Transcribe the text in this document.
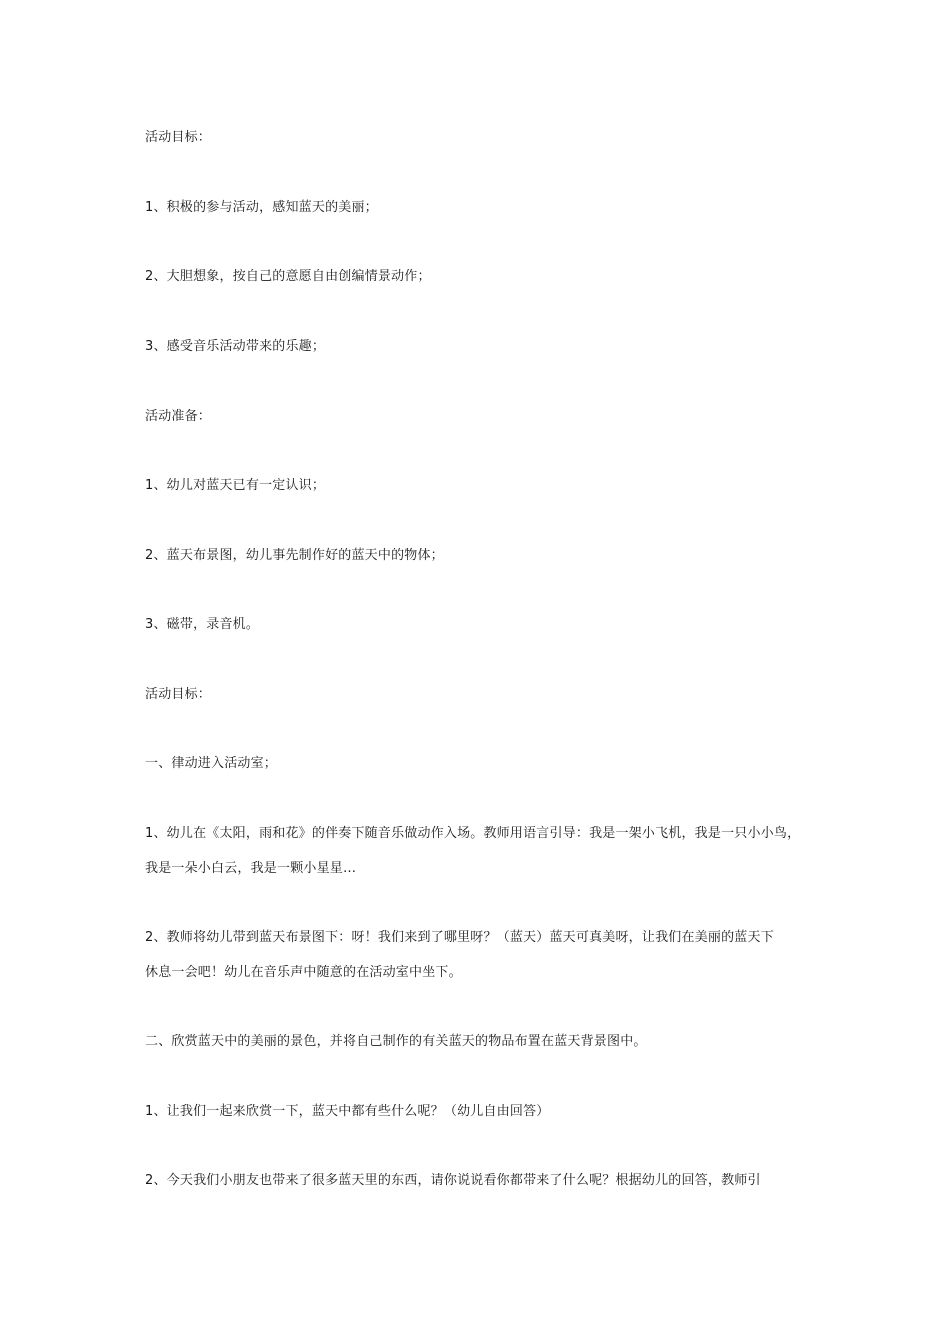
活动目标：
1、积极的参与活动，感知蓝天的美丽；
2、大胆想象，按自己的意愿自由创编情景动作；
3、感受音乐活动带来的乐趣；
活动准备：
1、幼儿对蓝天已有一定认识；
2、蓝天布景图，幼儿事先制作好的蓝天中的物体；
3、磁带，录音机。
活动目标：
一、律动进入活动室；
1、幼儿在《太阳，雨和花》的伴奏下随音乐做动作入场。教师用语言引导：我是一架小飞机，我是一只小小鸟，
我是一朵小白云，我是一颗小星星…
2、教师将幼儿带到蓝天布景图下：呀！我们来到了哪里呀？（蓝天）蓝天可真美呀，让我们在美丽的蓝天下
休息一会吧！幼儿在音乐声中随意的在活动室中坐下。
二、欣赏蓝天中的美丽的景色，并将自己制作的有关蓝天的物品布置在蓝天背景图中。
1、让我们一起来欣赏一下，蓝天中都有些什么呢？（幼儿自由回答）
2、今天我们小朋友也带来了很多蓝天里的东西，请你说说看你都带来了什么呢？根据幼儿的回答，教师引
